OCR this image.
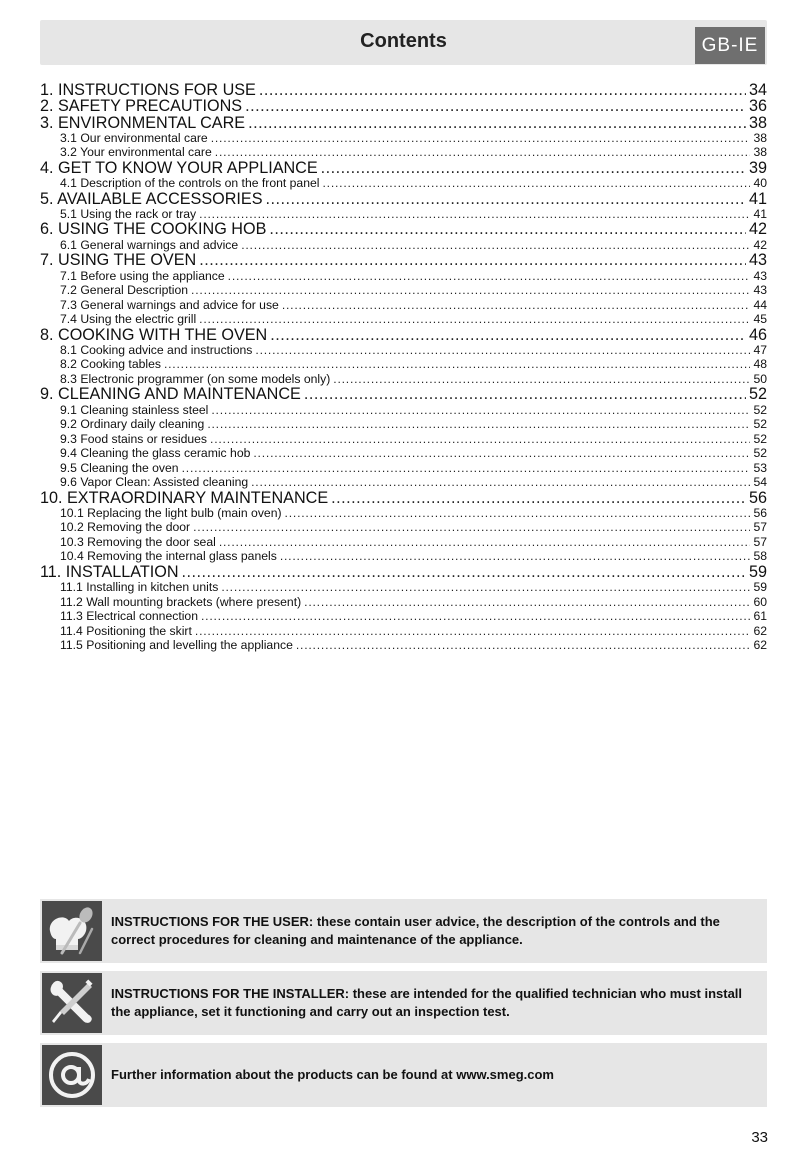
Contents	GB-IE
1. INSTRUCTIONS FOR USE . . .	34
2. SAFETY PRECAUTIONS . . .	36
3. ENVIRONMENTAL CARE . . .	38
3.1 Our environmental care . . .	38
3.2 Your environmental care . . .	38
4. GET TO KNOW YOUR APPLIANCE . . .	39
4.1 Description of the controls on the front panel . . .	40
5. AVAILABLE ACCESSORIES . . .	41
5.1 Using the rack or tray . . .	41
6. USING THE COOKING HOB . . .	42
6.1 General warnings and advice . . .	42
7. USING THE OVEN . . .	43
7.1 Before using the appliance . . .	43
7.2 General Description . . .	43
7.3 General warnings and advice for use . . .	44
7.4 Using the electric grill . . .	45
8. COOKING WITH THE OVEN . . .	46
8.1 Cooking advice and instructions . . .	47
8.2 Cooking tables . . .	48
8.3 Electronic programmer (on some models only) . . .	50
9. CLEANING AND MAINTENANCE . . .	52
9.1 Cleaning stainless steel . . .	52
9.2 Ordinary daily cleaning . . .	52
9.3 Food stains or residues . . .	52
9.4 Cleaning the glass ceramic hob . . .	52
9.5 Cleaning the oven . . .	53
9.6 Vapor Clean: Assisted cleaning . . .	54
10. EXTRAORDINARY MAINTENANCE . . .	56
10.1 Replacing the light bulb (main oven) . . .	56
10.2 Removing the door . . .	57
10.3 Removing the door seal . . .	57
10.4 Removing the internal glass panels . . .	58
11. INSTALLATION . . .	59
11.1 Installing in kitchen units . . .	59
11.2 Wall mounting brackets (where present) . . .	60
11.3 Electrical connection . . .	61
11.4 Positioning the skirt . . .	62
11.5 Positioning and levelling the appliance . . .	62
INSTRUCTIONS FOR THE USER: these contain user advice, the description of the controls and the correct procedures for cleaning and maintenance of the appliance.
INSTRUCTIONS FOR THE INSTALLER: these are intended for the qualified technician who must install the appliance, set it functioning and carry out an inspection test.
Further information about the products can be found at www.smeg.com
33
